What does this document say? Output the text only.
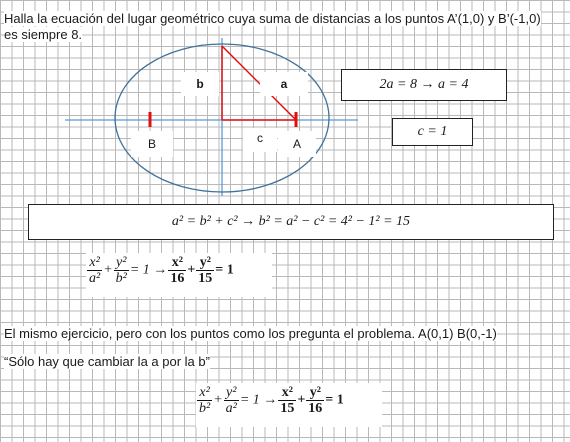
Halla la ecuación del lugar geométrico cuya suma de distancias a los puntos A’(1,0) y B’(-1,0)
es siempre 8.
b	a
c
B	A
2a = 8 → a = 4
c = 1
a² = b² + c² → b² = a² − c² = 4² − 1² = 15
$\frac{\text{x²}}{\text{a²}} + \frac{\text{y²}}{\text{b²}} = 1 \to \frac{\text{x²}}{16} + \frac{\text{y²}}{15} = 1$
El mismo ejercicio, pero con los puntos como los pregunta el problema. A(0,1) B(0,-1)
“Sólo hay que cambiar la a por la b”
$\frac{\text{x²}}{\text{b²}} + \frac{\text{y²}}{\text{a²}} = 1 \to \frac{\text{x²}}{15} + \frac{\text{y²}}{16} = 1$
